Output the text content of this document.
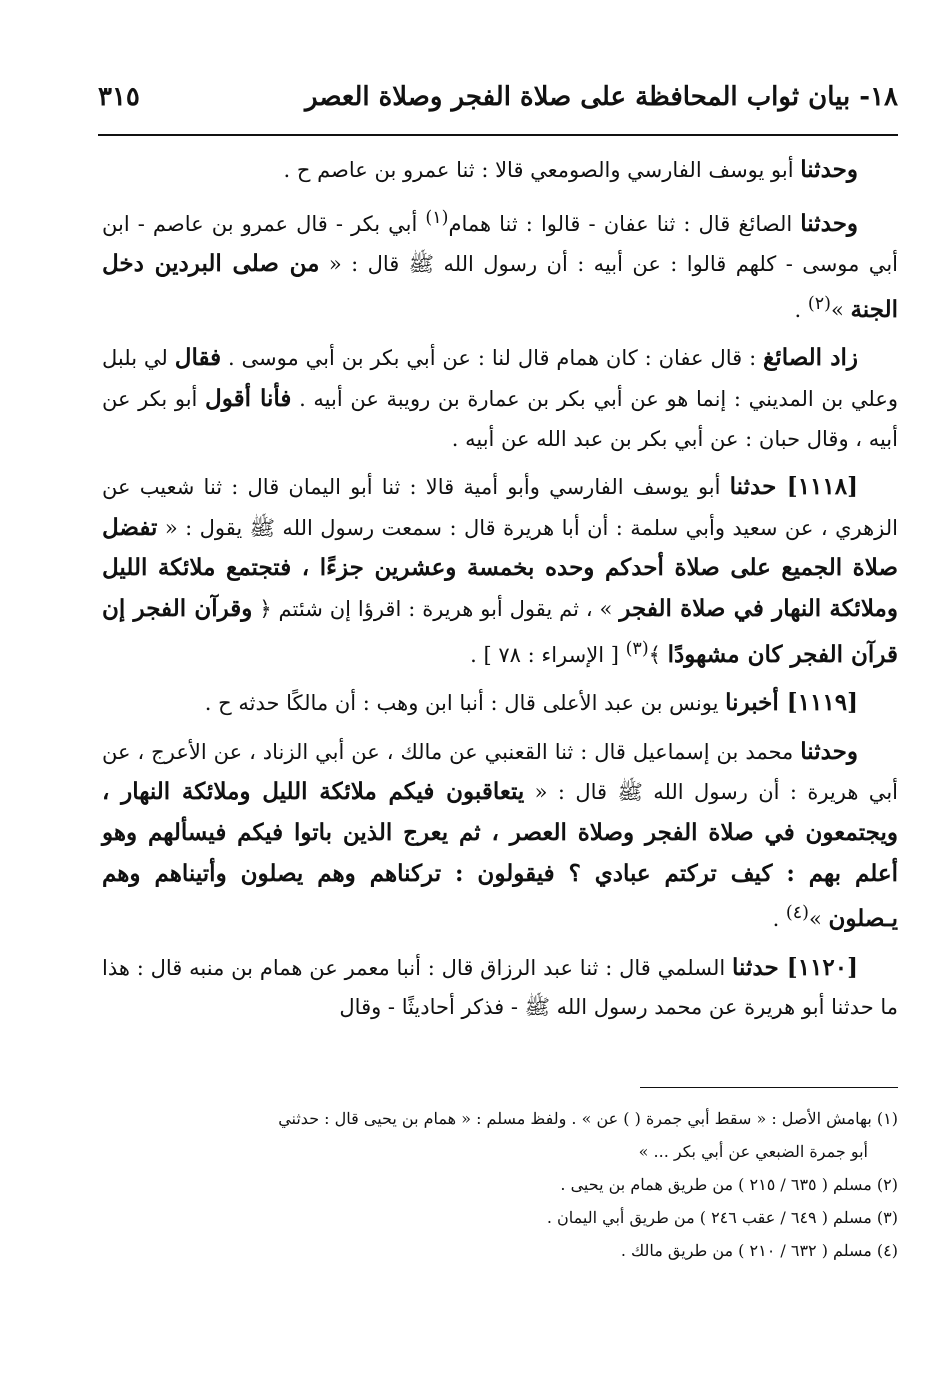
١٨- بيان ثواب المحافظة على صلاة الفجر وصلاة العصر
٣١٥

وحدثنا أبو يوسف الفارسي والصومعي قالا : ثنا عمرو بن عاصم ح .

وحدثنا الصائغ قال : ثنا عفان - قالوا : ثنا همام$^{(١)}$ أبي بكر - قال عمرو بن عاصم - ابن أبي موسى - كلهم قالوا : عن أبيه : أن رسول الله ﷺ قال : « من صلى البردين دخل الجنة »$^{(٢)}$ .

زاد الصائغ : قال عفان : كان همام قال لنا : عن أبي بكر بن أبي موسى . فقال لي بلبل وعلي بن المديني : إنما هو عن أبي بكر بن عمارة بن رويبة عن أبيه . فأنا أقول أبو بكر عن أبيه ، وقال حبان : عن أبي بكر بن عبد الله عن أبيه .

[١١١٨] حدثنا أبو يوسف الفارسي وأبو أمية قالا : ثنا أبو اليمان قال : ثنا شعيب عن الزهري ، عن سعيد وأبي سلمة : أن أبا هريرة قال : سمعت رسول الله ﷺ يقول : « تفضل صلاة الجميع على صلاة أحدكم وحده بخمسة وعشرين جزءًا ، فتجتمع ملائكة الليل وملائكة النهار في صلاة الفجر » ، ثم يقول أبو هريرة : اقرؤا إن شئتم ﴿ وقرآن الفجر إن قرآن الفجر كان مشهودًا ﴾$^{(٣)}$ [ الإسراء : ٧٨ ] .

[١١١٩] أخبرنا يونس بن عبد الأعلى قال : أنبا ابن وهب : أن مالكًا حدثه ح .

وحدثنا محمد بن إسماعيل قال : ثنا القعنبي عن مالك ، عن أبي الزناد ، عن الأعرج ، عن أبي هريرة : أن رسول الله ﷺ قال : « يتعاقبون فيكم ملائكة الليل وملائكة النهار ، ويجتمعون في صلاة الفجر وصلاة العصر ، ثم يعرج الذين باتوا فيكم فيسألهم وهو أعلم بهم : كيف تركتم عبادي ؟ فيقولون : تركناهم وهم يصلون وأتيناهم وهم يـصلون »$^{(٤)}$ .

[١١٢٠] حدثنا السلمي قال : ثنا عبد الرزاق قال : أنبا معمر عن همام بن منبه قال : هذا ما حدثنا أبو هريرة عن محمد رسول الله ﷺ - فذكر أحاديثًا - وقال

(١) بهامش الأصل : « سقط أبي جمرة ( ) عن » . ولفظ مسلم : « همام بن يحيى قال : حدثني

أبو جمرة الضبعي عن أبي بكر ... »

(٢) مسلم ( ٦٣٥ / ٢١٥ ) من طريق همام بن يحيى .

(٣) مسلم ( ٦٤٩ / عقب ٢٤٦ ) من طريق أبي اليمان .

(٤) مسلم ( ٦٣٢ / ٢١٠ ) من طريق مالك .
